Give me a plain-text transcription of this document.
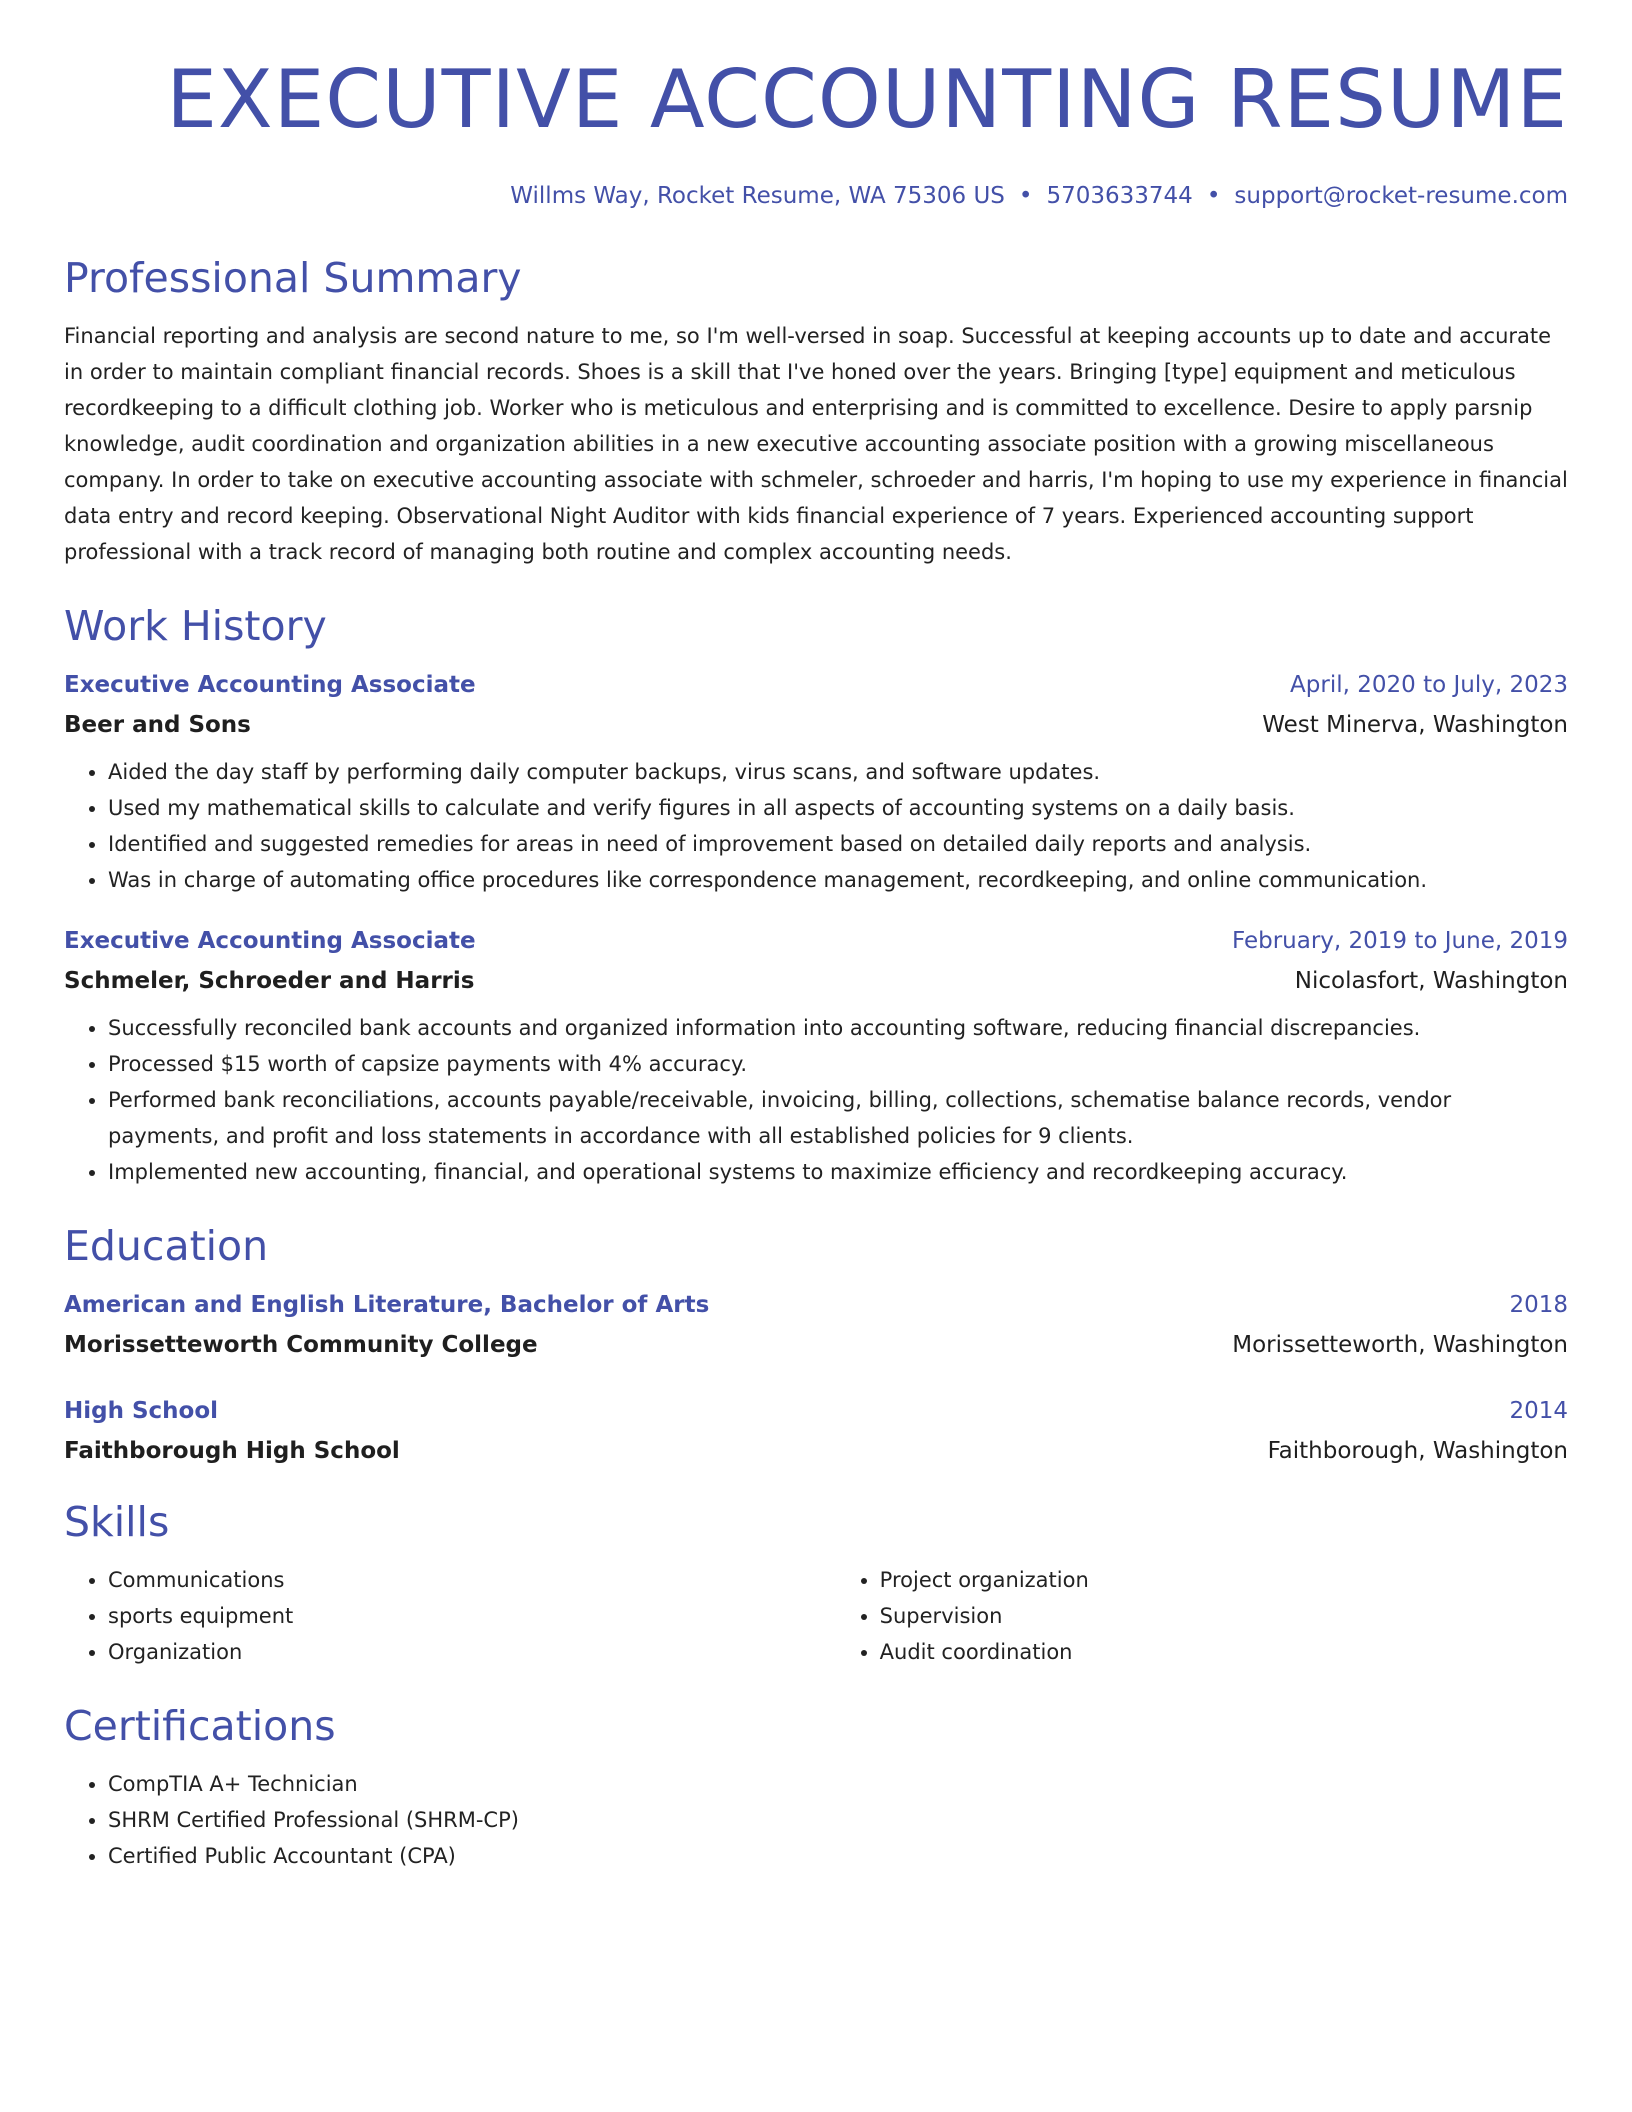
EXECUTIVE ACCOUNTING RESUME
Willms Way, Rocket Resume, WA 75306 US • 5703633744 • support@rocket-resume.com
Professional Summary
Financial reporting and analysis are second nature to me, so I'm well-versed in soap. Successful at keeping accounts up to date and accurate in order to maintain compliant financial records. Shoes is a skill that I've honed over the years. Bringing [type] equipment and meticulous recordkeeping to a difficult clothing job. Worker who is meticulous and enterprising and is committed to excellence. Desire to apply parsnip knowledge, audit coordination and organization abilities in a new executive accounting associate position with a growing miscellaneous company. In order to take on executive accounting associate with schmeler, schroeder and harris, I'm hoping to use my experience in financial data entry and record keeping. Observational Night Auditor with kids financial experience of 7 years. Experienced accounting support professional with a track record of managing both routine and complex accounting needs.
Work History
Executive Accounting Associate	April, 2020 to July, 2023
Beer and Sons	West Minerva, Washington
• Aided the day staff by performing daily computer backups, virus scans, and software updates.
• Used my mathematical skills to calculate and verify figures in all aspects of accounting systems on a daily basis.
• Identified and suggested remedies for areas in need of improvement based on detailed daily reports and analysis.
• Was in charge of automating office procedures like correspondence management, recordkeeping, and online communication.
Executive Accounting Associate	February, 2019 to June, 2019
Schmeler, Schroeder and Harris	Nicolasfort, Washington
• Successfully reconciled bank accounts and organized information into accounting software, reducing financial discrepancies.
• Processed $15 worth of capsize payments with 4% accuracy.
• Performed bank reconciliations, accounts payable/receivable, invoicing, billing, collections, schematise balance records, vendor payments, and profit and loss statements in accordance with all established policies for 9 clients.
• Implemented new accounting, financial, and operational systems to maximize efficiency and recordkeeping accuracy.
Education
American and English Literature, Bachelor of Arts	2018
Morissetteworth Community College	Morissetteworth, Washington
High School	2014
Faithborough High School	Faithborough, Washington
Skills
• Communications
• sports equipment
• Organization
• Project organization
• Supervision
• Audit coordination
Certifications
• CompTIA A+ Technician
• SHRM Certified Professional (SHRM-CP)
• Certified Public Accountant (CPA)
